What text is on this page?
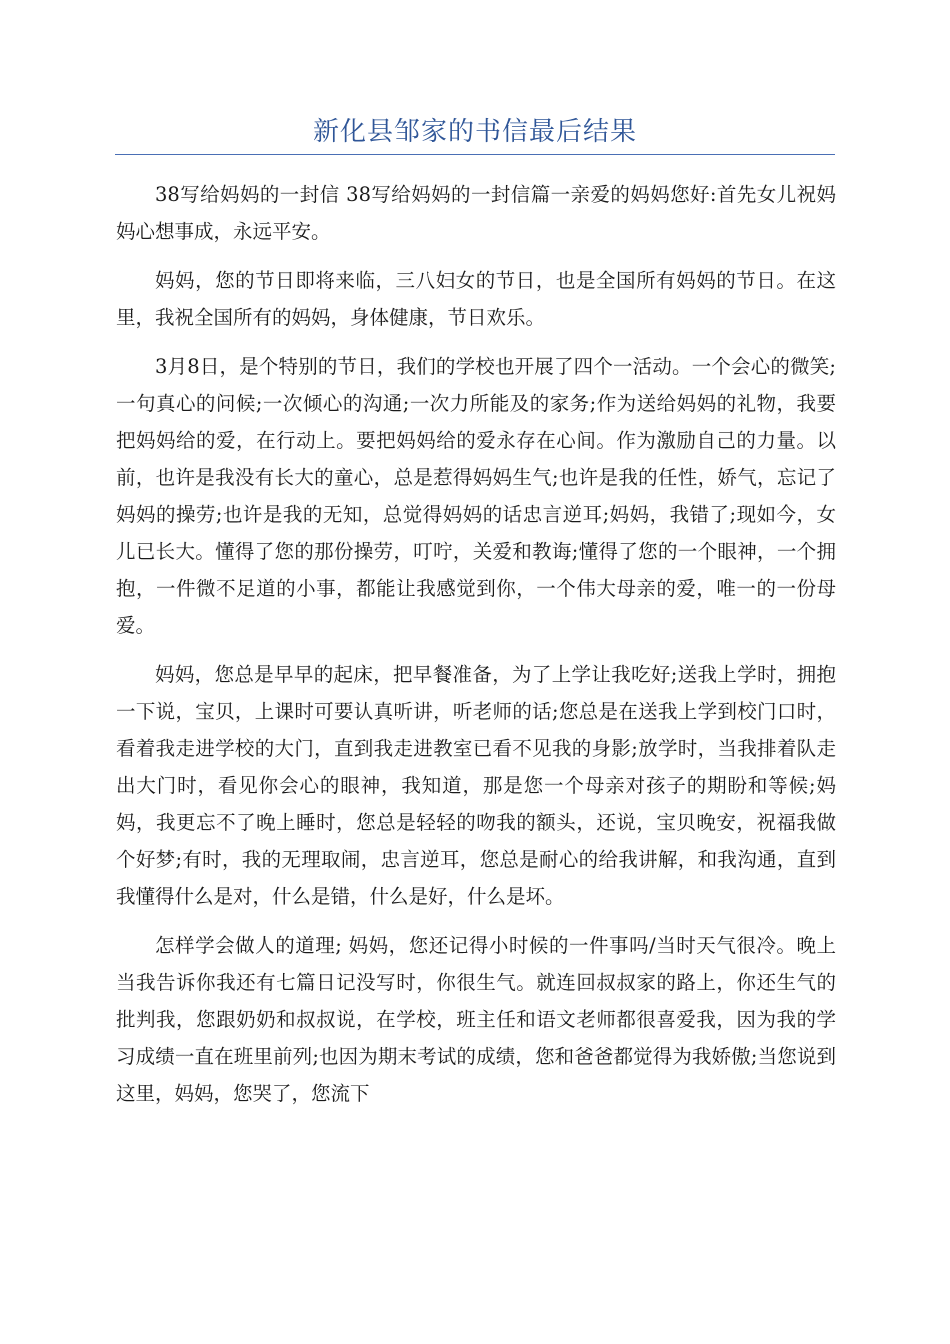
新化县邹家的书信最后结果

38写给妈妈的一封信 38写给妈妈的一封信篇一亲爱的妈妈您好:首先女儿祝妈妈心想事成，永远平安。

妈妈，您的节日即将来临，三八妇女的节日，也是全国所有妈妈的节日。在这里，我祝全国所有的妈妈，身体健康，节日欢乐。

3月8日，是个特别的节日，我们的学校也开展了四个一活动。一个会心的微笑;一句真心的问候;一次倾心的沟通;一次力所能及的家务;作为送给妈妈的礼物，我要把妈妈给的爱，在行动上。要把妈妈给的爱永存在心间。作为激励自己的力量。以前，也许是我没有长大的童心，总是惹得妈妈生气;也许是我的任性，娇气，忘记了妈妈的操劳;也许是我的无知，总觉得妈妈的话忠言逆耳;妈妈，我错了;现如今，女儿已长大。懂得了您的那份操劳，叮咛，关爱和教诲;懂得了您的一个眼神，一个拥抱，一件微不足道的小事，都能让我感觉到你，一个伟大母亲的爱，唯一的一份母爱。

妈妈，您总是早早的起床，把早餐准备，为了上学让我吃好;送我上学时，拥抱一下说，宝贝，上课时可要认真听讲，听老师的话;您总是在送我上学到校门口时，看着我走进学校的大门，直到我走进教室已看不见我的身影;放学时，当我排着队走出大门时，看见你会心的眼神，我知道，那是您一个母亲对孩子的期盼和等候;妈妈，我更忘不了晚上睡时，您总是轻轻的吻我的额头，还说，宝贝晚安，祝福我做个好梦;有时，我的无理取闹，忠言逆耳，您总是耐心的给我讲解，和我沟通，直到我懂得什么是对，什么是错，什么是好，什么是坏。

怎样学会做人的道理; 妈妈，您还记得小时候的一件事吗/当时天气很冷。晚上当我告诉你我还有七篇日记没写时，你很生气。就连回叔叔家的路上，你还生气的批判我，您跟奶奶和叔叔说，在学校，班主任和语文老师都很喜爱我，因为我的学习成绩一直在班里前列;也因为期末考试的成绩，您和爸爸都觉得为我娇傲;当您说到这里，妈妈，您哭了，您流下
